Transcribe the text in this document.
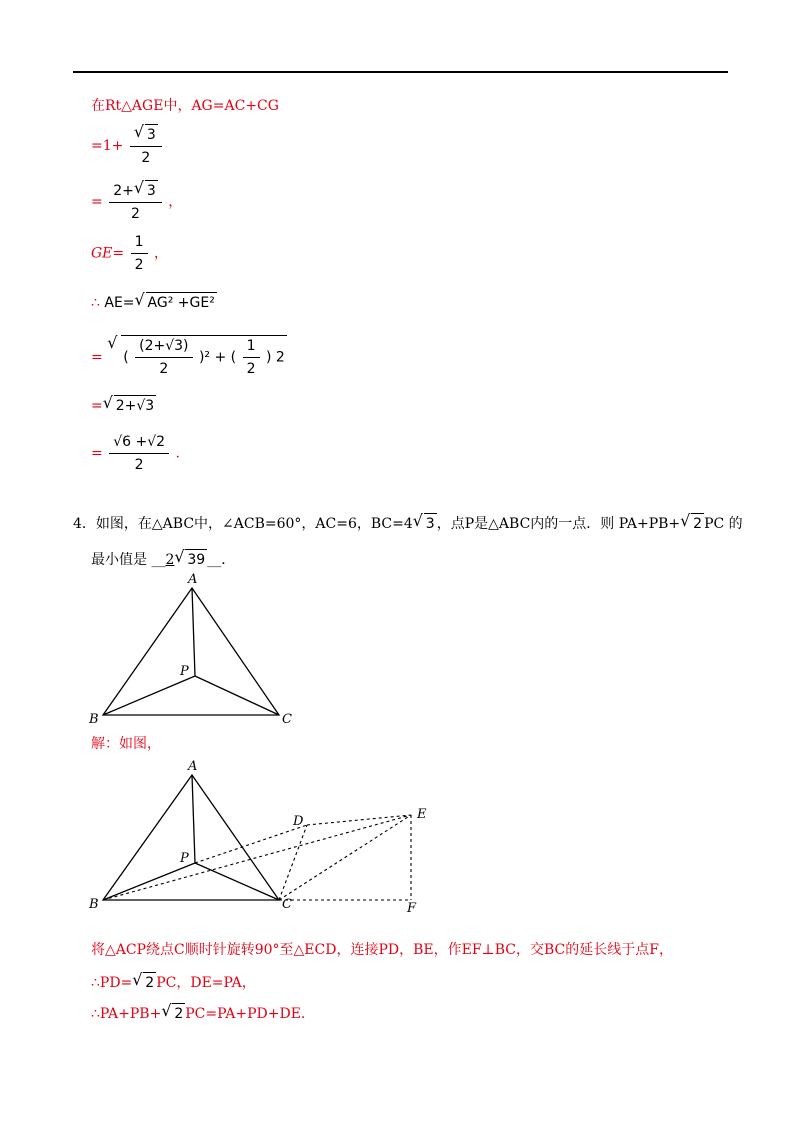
在Rt△AGE中，AG=AC+CG
=1+ √ $\frac{3}{2}$
= $\frac{2+ √ 3}{2}$ ，
$GE= \frac{1}{2}$ ，
∴ AE= √ AG² +GE²
= √ ( $\frac{(2+√3)}{2} )^2$ + ( $\frac{1}{2}$ ) 2
= √ 2+√3
= $\frac{√6 +√2}{2}$ .
4．如图，在△ABC中，∠ACB=60°，AC=6，BC=4 √ 3 ，点P是△ABC内的一点．则 PA+PB+ √ 2 PC 的
最小值是 __2 √ 39 __．
A
P
B	C
解：如图，
A
D	E
P
B	C	F
将△ACP绕点C顺时针旋转90°至△ECD，连接PD，BE，作EF⊥BC，交BC的延长线于点F，
∴PD= √ 2 PC，DE=PA，
∴PA+PB+ √ 2 PC=PA+PD+DE．
